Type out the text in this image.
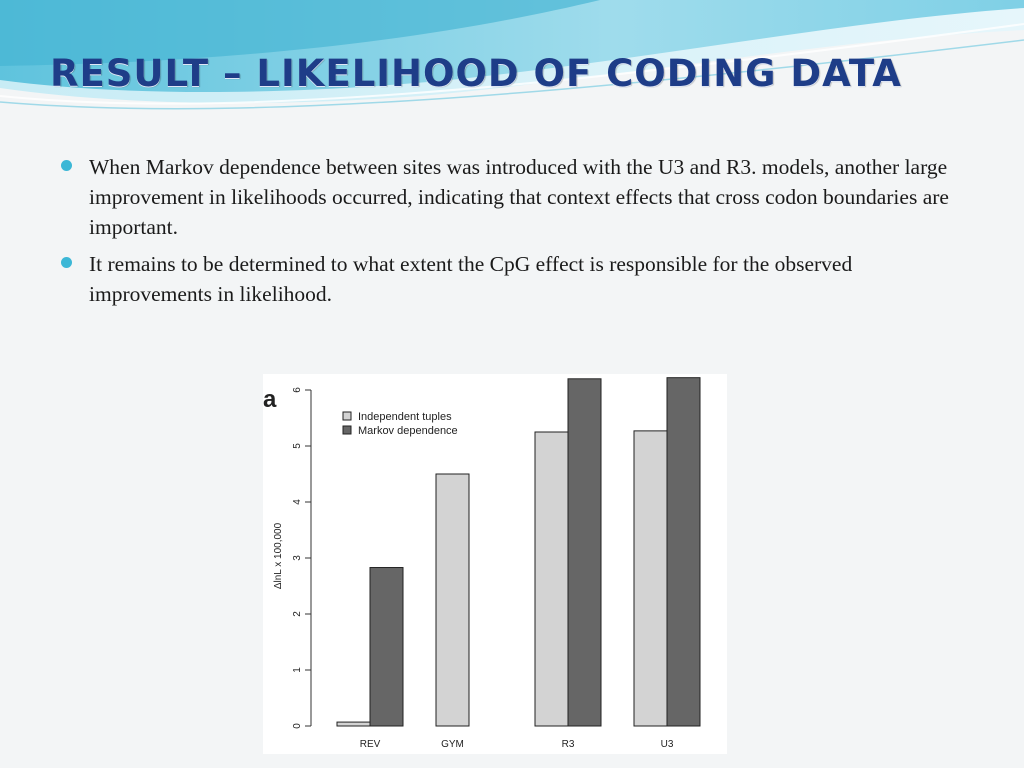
RESULT – LIKELIHOOD OF CODING DATA
When Markov dependence between sites was introduced with the U3 and R3. models, another large improvement in likelihoods occurred, indicating that context effects that cross codon boundaries are important.
It remains to be determined to what extent the CpG effect is responsible for the observed improvements in likelihood.
a
0
1
2
3
4
5
6
ΔlnL x 100,000
REV	GYM	R3	U3
Independent tuples
Markov dependence
